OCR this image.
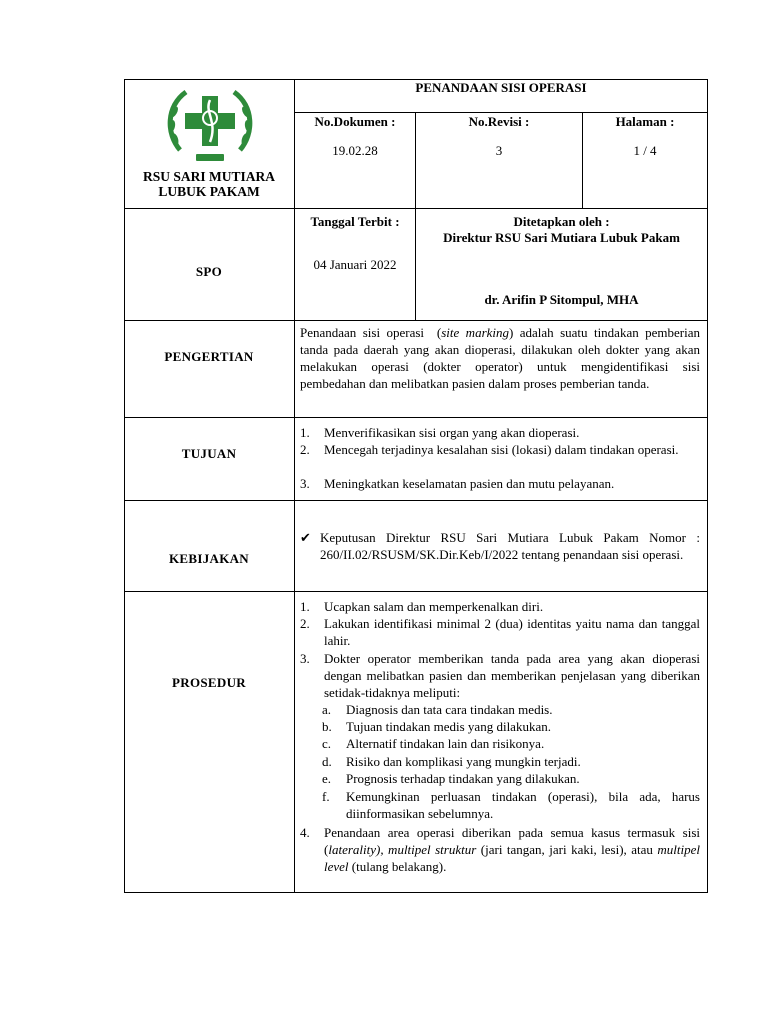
RSU SARI MUTIARA
LUBUK PAKAM
PENANDAAN SISI OPERASI
No.Dokumen :
19.02.28
No.Revisi :
3
Halaman :
1 / 4
SPO
Tanggal Terbit :
04 Januari 2022
Ditetapkan oleh :
Direktur RSU Sari Mutiara Lubuk Pakam
dr. Arifin P Sitompul, MHA
PENGERTIAN
Penandaan sisi operasi (site marking) adalah suatu tindakan pemberian tanda pada daerah yang akan dioperasi, dilakukan oleh dokter yang akan melakukan operasi (dokter operator) untuk mengidentifikasi sisi pembedahan dan melibatkan pasien dalam proses pemberian tanda.
TUJUAN
1.	Menverifikasikan sisi organ yang akan dioperasi.
2.	Mencegah terjadinya kesalahan sisi (lokasi) dalam tindakan operasi.
3.	Meningkatkan keselamatan pasien dan mutu pelayanan.
KEBIJAKAN
✔ Keputusan Direktur RSU Sari Mutiara Lubuk Pakam Nomor : 260/II.02/RSUSM/SK.Dir.Keb/I/2022 tentang penandaan sisi operasi.
PROSEDUR
1.	Ucapkan salam dan memperkenalkan diri.
2.	Lakukan identifikasi minimal 2 (dua) identitas yaitu nama dan tanggal lahir.
3.	Dokter operator memberikan tanda pada area yang akan dioperasi dengan melibatkan pasien dan memberikan penjelasan yang diberikan setidak-tidaknya meliputi:
a.	Diagnosis dan tata cara tindakan medis.
b.	Tujuan tindakan medis yang dilakukan.
c.	Alternatif tindakan lain dan risikonya.
d.	Risiko dan komplikasi yang mungkin terjadi.
e.	Prognosis terhadap tindakan yang dilakukan.
f.	Kemungkinan perluasan tindakan (operasi), bila ada, harus diinformasikan sebelumnya.
4.	Penandaan area operasi diberikan pada semua kasus termasuk sisi (laterality), multipel struktur (jari tangan, jari kaki, lesi), atau multipel level (tulang belakang).
